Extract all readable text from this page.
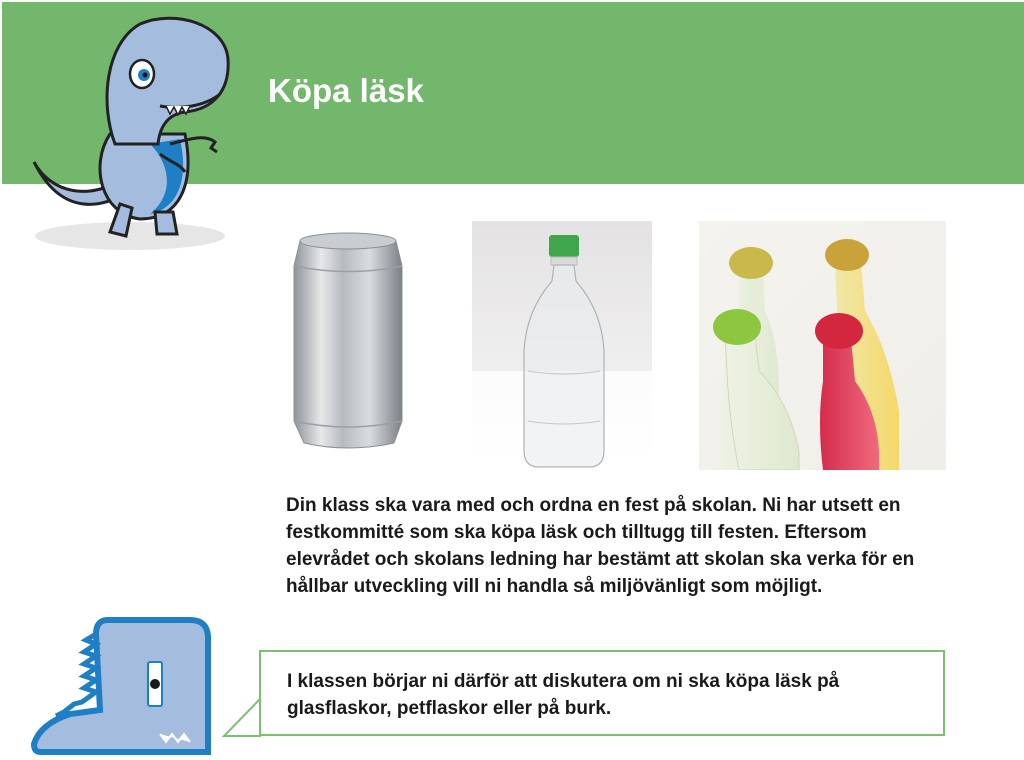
Köpa läsk

Din klass ska vara med och ordna en fest på skolan. Ni har utsett en festkommitté som ska köpa läsk och tilltugg till festen. Eftersom elevrådet och skolans ledning har bestämt att skolan ska verka för en hållbar utveckling vill ni handla så miljövänligt som möjligt.

I klassen börjar ni därför att diskutera om ni ska köpa läsk på glasflaskor, petflaskor eller på burk.
